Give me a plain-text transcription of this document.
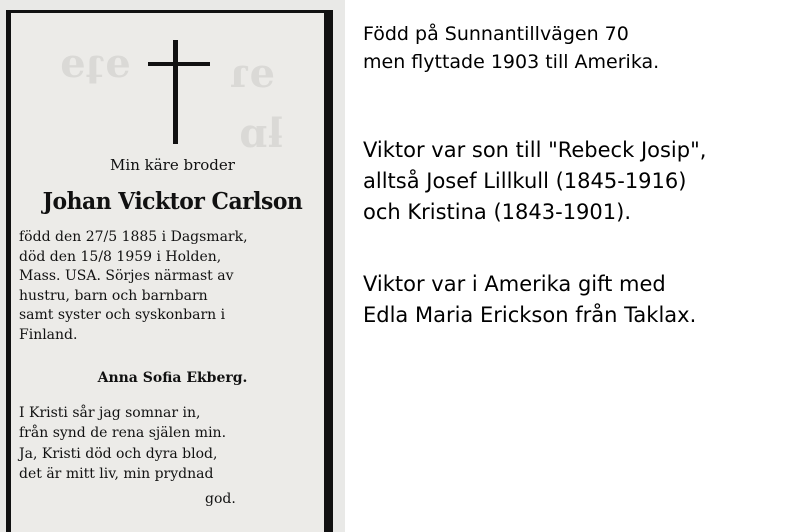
ɘʇɘ ɘɿ
ƚɒ
Min käre broder
Johan Vicktor Carlson
född den 27/5 1885 i Dagsmark,
död den 15/8 1959 i Holden,
Mass. USA. Sörjes närmast av
hustru, barn och barnbarn
samt syster och syskonbarn i
Finland.
Anna Sofia Ekberg.
I Kristi sår jag somnar in,
från synd de rena själen min.
Ja, Kristi död och dyra blod,
det är mitt liv, min prydnad
god.
Född på Sunnantillvägen 70
men flyttade 1903 till Amerika.
Viktor var son till "Rebeck Josip",
alltså Josef Lillkull (1845-1916)
och Kristina (1843-1901).
Viktor var i Amerika gift med
Edla Maria Erickson från Taklax.
